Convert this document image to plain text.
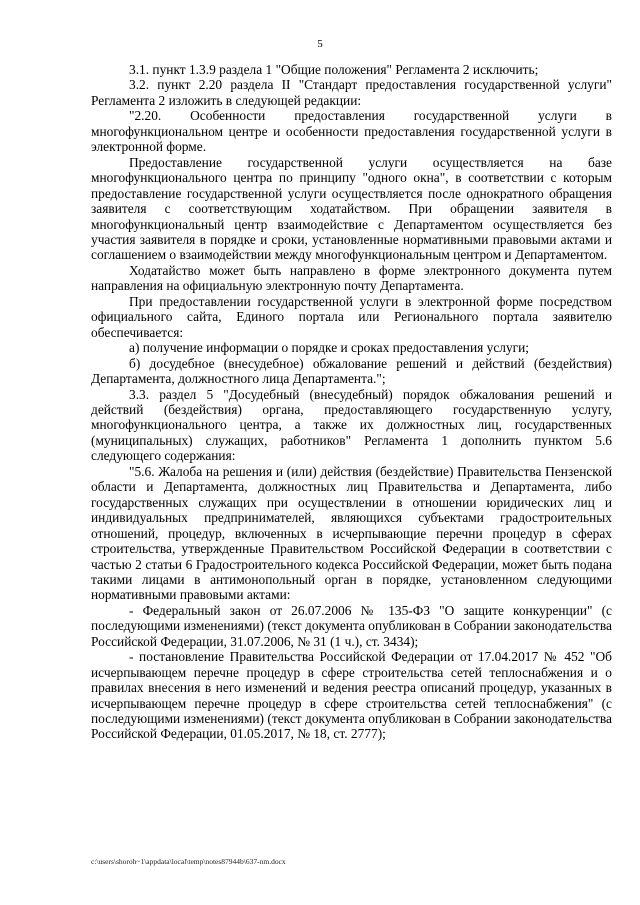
5

3.1. пункт 1.3.9 раздела 1 "Общие положения" Регламента 2 исключить;

3.2. пункт 2.20 раздела II "Стандарт предоставления государственной услуги" Регламента 2 изложить в следующей редакции:

"2.20. Особенности предоставления государственной услуги в многофункциональном центре и особенности предоставления государственной услуги в электронной форме.

Предоставление государственной услуги осуществляется на базе многофункционального центра по принципу "одного окна", в соответствии с которым предоставление государственной услуги осуществляется после однократного обращения заявителя с соответствующим ходатайством. При обращении заявителя в многофункциональный центр взаимодействие с Департаментом осуществляется без участия заявителя в порядке и сроки, установленные нормативными правовыми актами и соглашением о взаимодействии между многофункциональным центром и Департаментом.

Ходатайство может быть направлено в форме электронного документа путем направления на официальную электронную почту Департамента.

При предоставлении государственной услуги в электронной форме посредством официального сайта, Единого портала или Регионального портала заявителю обеспечивается:

а) получение информации о порядке и сроках предоставления услуги;

б) досудебное (внесудебное) обжалование решений и действий (бездействия) Департамента, должностного лица Департамента.";

3.3. раздел 5 "Досудебный (внесудебный) порядок обжалования решений и действий (бездействия) органа, предоставляющего государственную услугу, многофункционального центра, а также их должностных лиц, государственных (муниципальных) служащих, работников" Регламента 1 дополнить пунктом 5.6 следующего содержания:

"5.6. Жалоба на решения и (или) действия (бездействие) Правительства Пензенской области и Департамента, должностных лиц Правительства и Департамента, либо государственных служащих при осуществлении в отношении юридических лиц и индивидуальных предпринимателей, являющихся субъектами градостроительных отношений, процедур, включенных в исчерпывающие перечни процедур в сферах строительства, утвержденные Правительством Российской Федерации в соответствии с частью 2 статьи 6 Градостроительного кодекса Российской Федерации, может быть подана такими лицами в антимонопольный орган в порядке, установленном следующими нормативными правовыми актами:

- Федеральный закон от 26.07.2006 № 135-ФЗ "О защите конкуренции" (с последующими изменениями) (текст документа опубликован в Собрании законодательства Российской Федерации, 31.07.2006, № 31 (1 ч.), ст. 3434);

- постановление Правительства Российской Федерации от 17.04.2017 № 452 "Об исчерпывающем перечне процедур в сфере строительства сетей теплоснабжения и о правилах внесения в него изменений и ведения реестра описаний процедур, указанных в исчерпывающем перечне процедур в сфере строительства сетей теплоснабжения" (с последующими изменениями) (текст документа опубликован в Собрании законодательства Российской Федерации, 01.05.2017, № 18, ст. 2777);

c:\users\shoroh~1\appdata\local\temp\notes87944b\637-nm.docx
